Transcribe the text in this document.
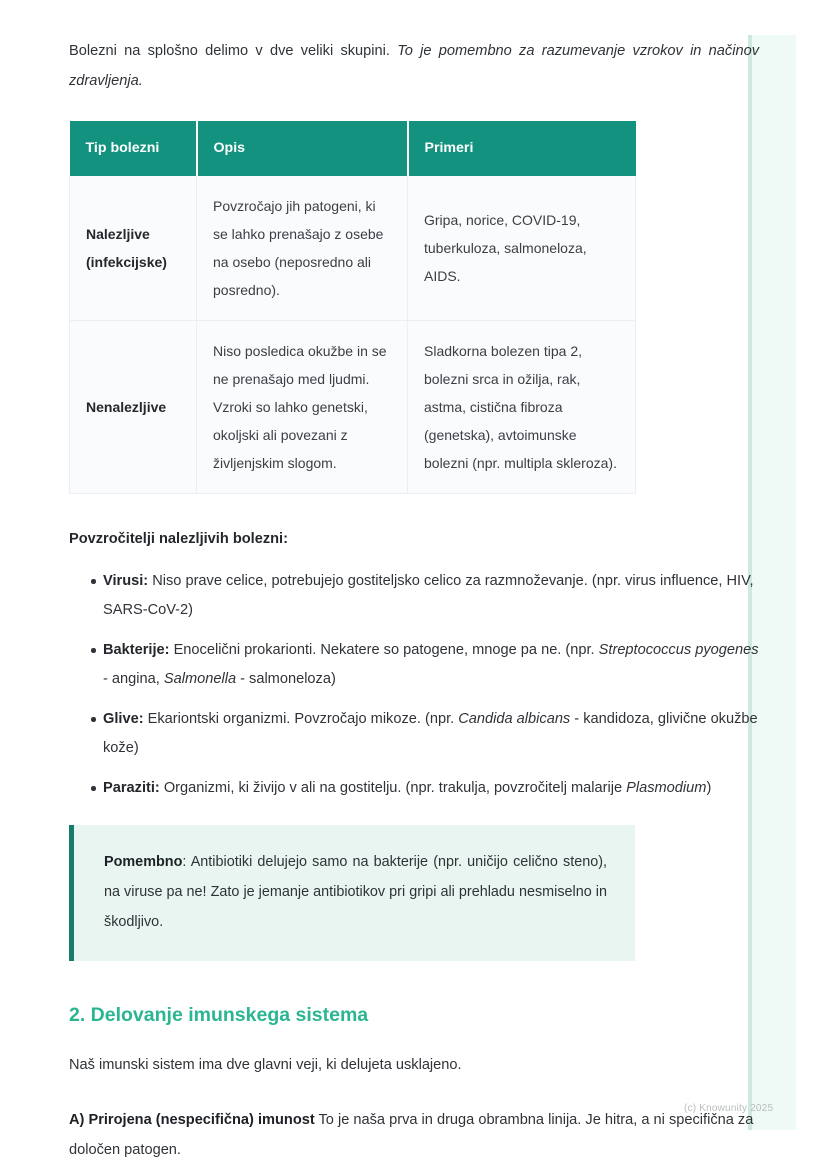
Bolezni na splošno delimo v dve veliki skupini. To je pomembno za razumevanje vzrokov in načinov zdravljenja.

Tip bolezni	Opis	Primeri
Nalezljive (infekcijske)	Povzročajo jih patogeni, ki se lahko prenašajo z osebe na osebo (neposredno ali posredno).	Gripa, norice, COVID-19, tuberkuloza, salmoneloza, AIDS.
Nenalezljive	Niso posledica okužbe in se ne prenašajo med ljudmi. Vzroki so lahko genetski, okoljski ali povezani z življenjskim slogom.	Sladkorna bolezen tipa 2, bolezni srca in ožilja, rak, astma, cistična fibroza (genetska), avtoimunske bolezni (npr. multipla skleroza).
Povzročitelji nalezljivih bolezni:
Virusi: Niso prave celice, potrebujejo gostiteljsko celico za razmnoževanje. (npr. virus influence, HIV, SARS-CoV-2)
Bakterije: Enocelični prokarionti. Nekatere so patogene, mnoge pa ne. (npr. Streptococcus pyogenes - angina, Salmonella - salmoneloza)
Glive: Ekariontski organizmi. Povzročajo mikoze. (npr. Candida albicans - kandidoza, glivične okužbe kože)
Paraziti: Organizmi, ki živijo v ali na gostitelju. (npr. trakulja, povzročitelj malarije Plasmodium)

Pomembno: Antibiotiki delujejo samo na bakterije (npr. uničijo celično steno), na viruse pa ne! Zato je jemanje antibiotikov pri gripi ali prehladu nesmiselno in škodljivo.

2. Delovanje imunskega sistema

Naš imunski sistem ima dve glavni veji, ki delujeta usklajeno.

A) Prirojena (nespecifična) imunost To je naša prva in druga obrambna linija. Je hitra, a ni specifična za določen patogen.

(c) Knowunity 2025
